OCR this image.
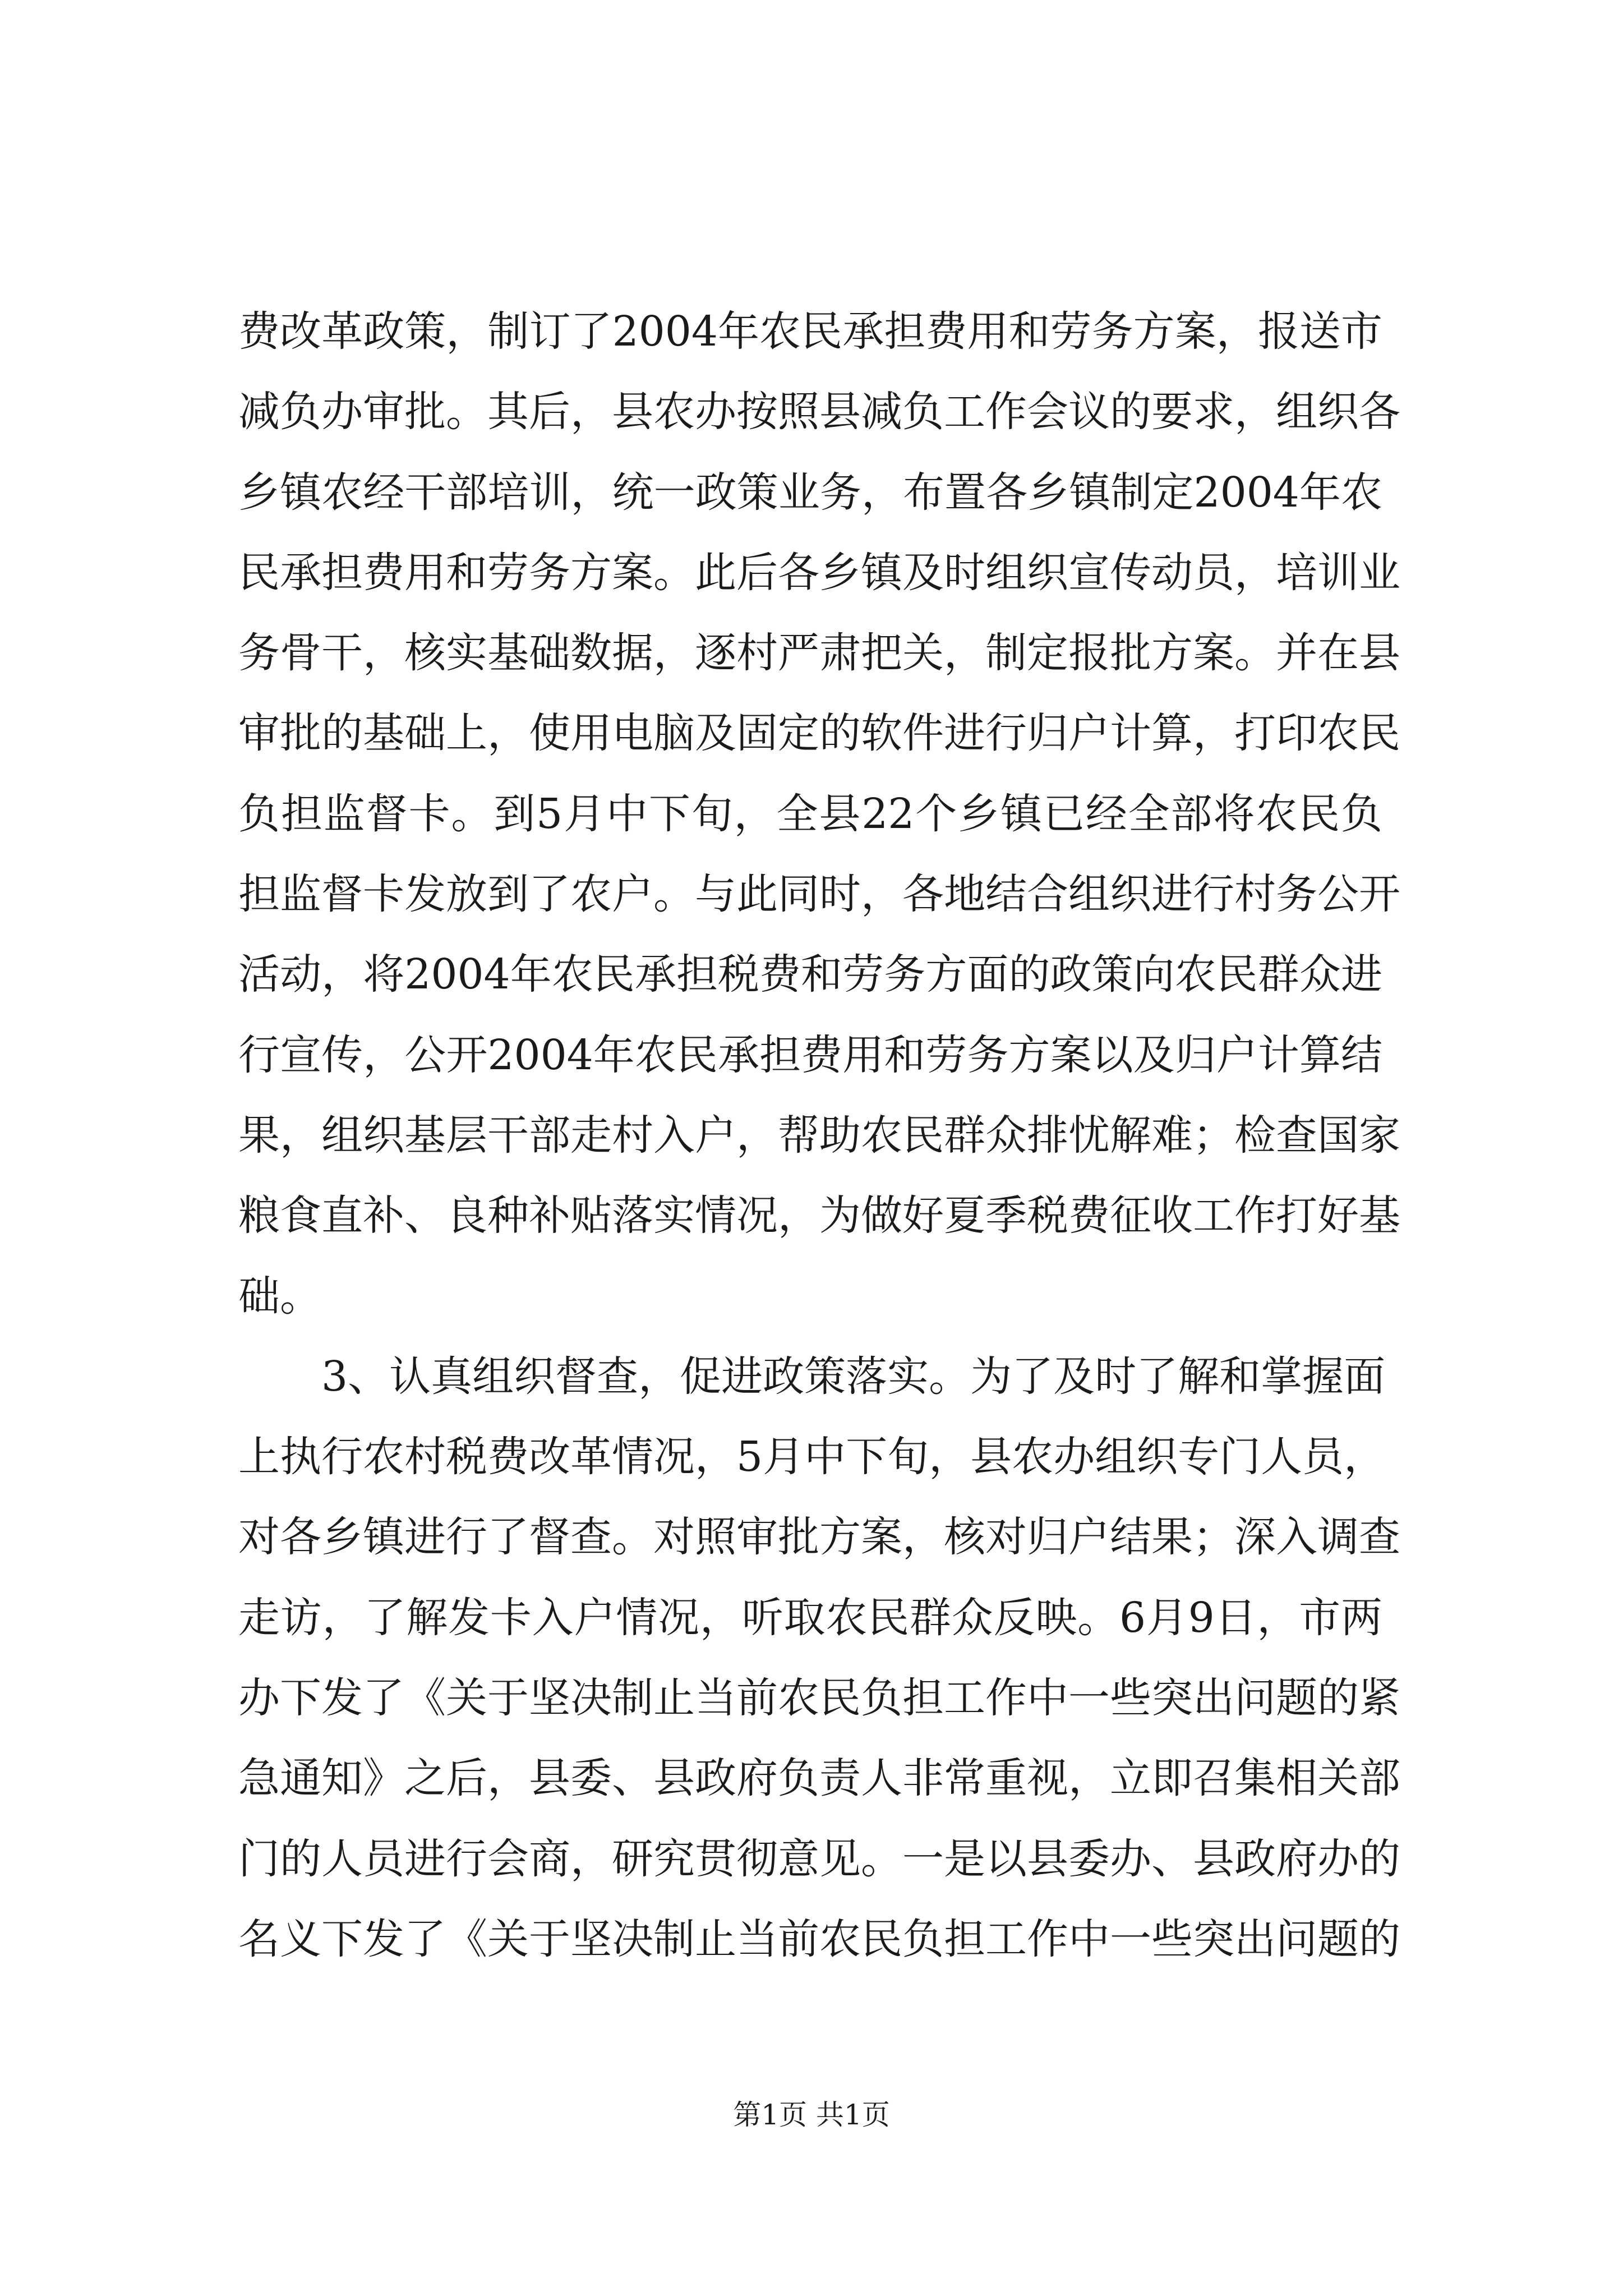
费改革政策，制订了2004年农民承担费用和劳务方案，报送市
减负办审批。其后，县农办按照县减负工作会议的要求，组织各
乡镇农经干部培训，统一政策业务，布置各乡镇制定2004年农
民承担费用和劳务方案。此后各乡镇及时组织宣传动员，培训业
务骨干，核实基础数据，逐村严肃把关，制定报批方案。并在县
审批的基础上，使用电脑及固定的软件进行归户计算，打印农民
负担监督卡。到5月中下旬，全县22个乡镇已经全部将农民负
担监督卡发放到了农户。与此同时，各地结合组织进行村务公开
活动，将2004年农民承担税费和劳务方面的政策向农民群众进
行宣传，公开2004年农民承担费用和劳务方案以及归户计算结
果，组织基层干部走村入户，帮助农民群众排忧解难；检查国家
粮食直补、良种补贴落实情况，为做好夏季税费征收工作打好基
础。
　　3、认真组织督查，促进政策落实。为了及时了解和掌握面
上执行农村税费改革情况，5月中下旬，县农办组织专门人员，
对各乡镇进行了督查。对照审批方案，核对归户结果；深入调查
走访，了解发卡入户情况，听取农民群众反映。6月9日，市两
办下发了《关于坚决制止当前农民负担工作中一些突出问题的紧
急通知》之后，县委、县政府负责人非常重视，立即召集相关部
门的人员进行会商，研究贯彻意见。一是以县委办、县政府办的
名义下发了《关于坚决制止当前农民负担工作中一些突出问题的
第1页 共1页
